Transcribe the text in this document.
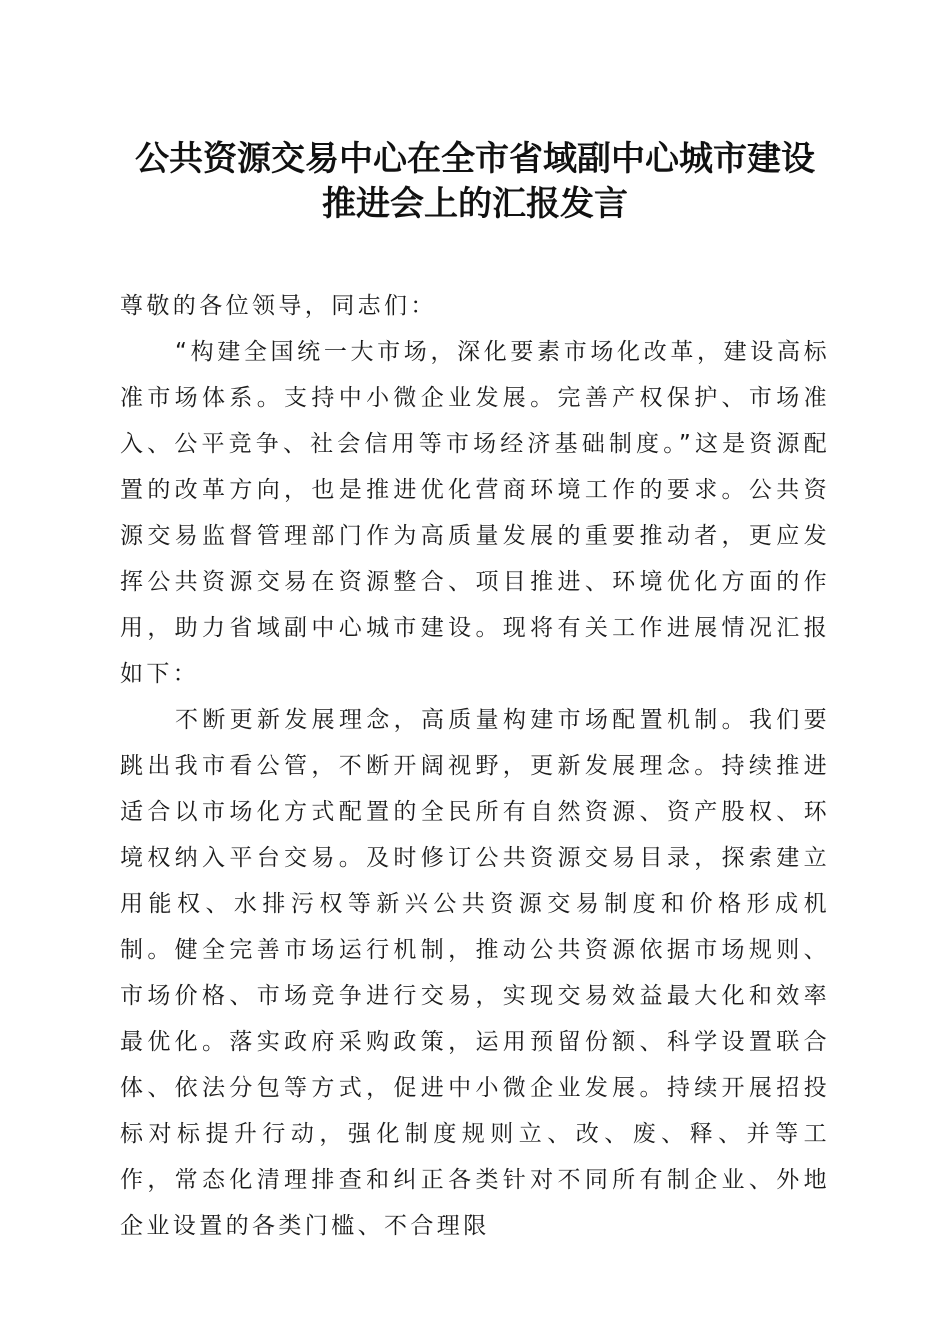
公共资源交易中心在全市省域副中心城市建设
推进会上的汇报发言

尊敬的各位领导，同志们：

“构建全国统一大市场，深化要素市场化改革，建设高标准市场体系。支持中小微企业发展。完善产权保护、市场准入、公平竞争、社会信用等市场经济基础制度。”这是资源配置的改革方向，也是推进优化营商环境工作的要求。公共资源交易监督管理部门作为高质量发展的重要推动者，更应发挥公共资源交易在资源整合、项目推进、环境优化方面的作用，助力省域副中心城市建设。现将有关工作进展情况汇报如下：

不断更新发展理念，高质量构建市场配置机制。我们要跳出我市看公管，不断开阔视野，更新发展理念。持续推进适合以市场化方式配置的全民所有自然资源、资产股权、环境权纳入平台交易。及时修订公共资源交易目录，探索建立用能权、水排污权等新兴公共资源交易制度和价格形成机制。健全完善市场运行机制，推动公共资源依据市场规则、市场价格、市场竞争进行交易，实现交易效益最大化和效率最优化。落实政府采购政策，运用预留份额、科学设置联合体、依法分包等方式，促进中小微企业发展。持续开展招投标对标提升行动，强化制度规则立、改、废、释、并等工作，常态化清理排查和纠正各类针对不同所有制企业、外地企业设置的各类门槛、不合理限
